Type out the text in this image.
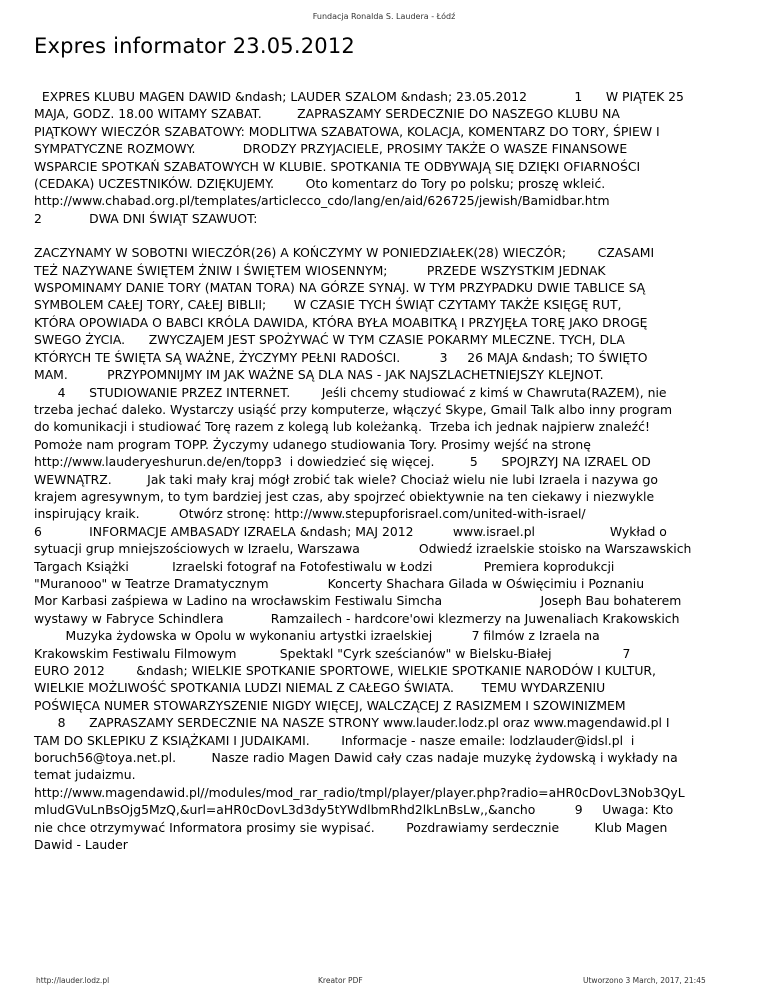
Fundacja Ronalda S. Laudera - Łódź
Expres informator 23.05.2012

EXPRES KLUBU MAGEN DAWID &ndash; LAUDER SZALOM &ndash; 23.05.2012            1      W PIĄTEK 25
MAJA, GODZ. 18.00 WITAMY SZABAT.         ZAPRASZAMY SERDECZNIE DO NASZEGO KLUBU NA
PIĄTKOWY WIECZÓR SZABATOWY: MODLITWA SZABATOWA, KOLACJA, KOMENTARZ DO TORY, ŚPIEW I
SYMPATYCZNE ROZMOWY.            DRODZY PRZYJACIELE, PROSIMY TAKŻE O WASZE FINANSOWE
WSPARCIE SPOTKAŃ SZABATOWYCH W KLUBIE. SPOTKANIA TE ODBYWAJĄ SIĘ DZIĘKI OFIARNOŚCI
(CEDAKA) UCZESTNIKÓW. DZIĘKUJEMY.        Oto komentarz do Tory po polsku; proszę wkleić.
http://www.chabad.org.pl/templates/articlecco_cdo/lang/en/aid/626725/jewish/Bamidbar.htm
2            DWA DNI ŚWIĄT SZAWUOT:

ZACZYNAMY W SOBOTNI WIECZÓR(26) A KOŃCZYMY W PONIEDZIAŁEK(28) WIECZÓR;        CZASAMI
TEŻ NAZYWANE ŚWIĘTEM ŻNIW I ŚWIĘTEM WIOSENNYM;          PRZEDE WSZYSTKIM JEDNAK
WSPOMINAMY DANIE TORY (MATAN TORA) NA GÓRZE SYNAJ. W TYM PRZYPADKU DWIE TABLICE SĄ
SYMBOLEM CAŁEJ TORY, CAŁEJ BIBLII;       W CZASIE TYCH ŚWIĄT CZYTAMY TAKŻE KSIĘGĘ RUT,
KTÓRA OPOWIADA O BABCI KRÓLA DAWIDA, KTÓRA BYŁA MOABITKĄ I PRZYJĘŁA TORĘ JAKO DROGĘ
SWEGO ŻYCIA.      ZWYCZAJEM JEST SPOŻYWAĆ W TYM CZASIE POKARMY MLECZNE. TYCH, DLA
KTÓRYCH TE ŚWIĘTA SĄ WAŻNE, ŻYCZYMY PEŁNI RADOŚCI.          3     26 MAJA &ndash; TO ŚWIĘTO
MAM.          PRZYPOMNIJMY IM JAK WAŻNE SĄ DLA NAS - JAK NAJSZLACHETNIEJSZY KLEJNOT.
4      STUDIOWANIE PRZEZ INTERNET.        Jeśli chcemy studiować z kimś w Chawruta(RAZEM), nie
trzeba jechać daleko. Wystarczy usiąść przy komputerze, włączyć Skype, Gmail Talk albo inny program
do komunikacji i studiować Torę razem z kolegą lub koleżanką.  Trzeba ich jednak najpierw znaleźć!
Pomoże nam program TOPP. Życzymy udanego studiowania Tory. Prosimy wejść na stronę
http://www.lauderyeshurun.de/en/topp3  i dowiedzieć się więcej.         5      SPOJRZYJ NA IZRAEL OD
WEWNĄTRZ.         Jak taki mały kraj mógł zrobić tak wiele? Chociaż wielu nie lubi Izraela i nazywa go
krajem agresywnym, to tym bardziej jest czas, aby spojrzeć obiektywnie na ten ciekawy i niezwykle
inspirujący kraik.          Otwórz stronę: http://www.stepupforisrael.com/united-with-israel/
6            INFORMACJE AMBASADY IZRAELA &ndash; MAJ 2012          www.israel.pl                   Wykład o
sytuacji grup mniejszościowych w Izraelu, Warszawa               Odwiedź izraelskie stoisko na Warszawskich
Targach Książki           Izraelski fotograf na Fotofestiwalu w Łodzi             Premiera koprodukcji
"Muranooo" w Teatrze Dramatycznym               Koncerty Shachara Gilada w Oświęcimiu i Poznaniu
Mor Karbasi zaśpiewa w Ladino na wrocławskim Festiwalu Simcha                         Joseph Bau bohaterem
wystawy w Fabryce Schindlera            Ramzailech - hardcore'owi klezmerzy na Juwenaliach Krakowskich
Muzyka żydowska w Opolu w wykonaniu artystki izraelskiej          7 filmów z Izraela na
Krakowskim Festiwalu Filmowym           Spektakl "Cyrk sześcianów" w Bielsku-Białej                  7
EURO 2012        &ndash; WIELKIE SPOTKANIE SPORTOWE, WIELKIE SPOTKANIE NARODÓW I KULTUR,
WIELKIE MOŻLIWOŚĆ SPOTKANIA LUDZI NIEMAL Z CAŁEGO ŚWIATA.       TEMU WYDARZENIU
POŚWIĘCA NUMER STOWARZYSZENIE NIGDY WIĘCEJ, WALCZĄCEJ Z RASIZMEM I SZOWINIZMEM
8      ZAPRASZAMY SERDECZNIE NA NASZE STRONY www.lauder.lodz.pl oraz www.magendawid.pl I
TAM DO SKLEPIKU Z KSIĄŻKAMI I JUDAIKAMI.        Informacje - nasze emaile: lodzlauder@idsl.pl  i
boruch56@toya.net.pl.         Nasze radio Magen Dawid cały czas nadaje muzykę żydowską i wykłady na
temat judaizmu.
http://www.magendawid.pl//modules/mod_rar_radio/tmpl/player/player.php?radio=aHR0cDovL3Nob3QyL
mludGVuLnBsOjg5MzQ,&url=aHR0cDovL3d3dy5tYWdlbmRhd2lkLnBsLw,,&ancho          9     Uwaga: Kto
nie chce otrzymywać Informatora prosimy sie wypisać.        Pozdrawiamy serdecznie         Klub Magen
Dawid - Lauder

http://lauder.lodz.pl	Kreator PDF	Utworzono 3 March, 2017, 21:45
